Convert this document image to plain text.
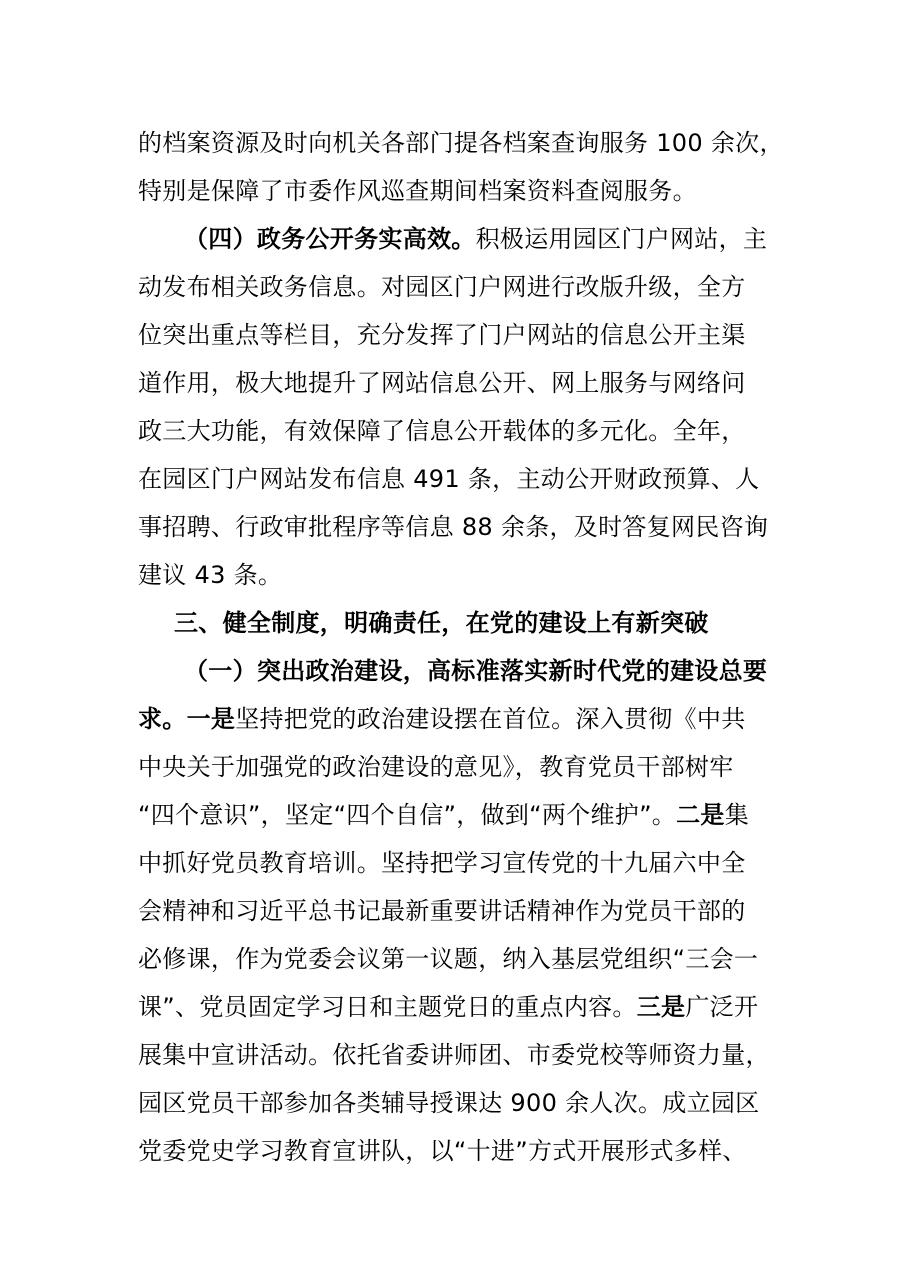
的档案资源及时向机关各部门提各档案查询服务 100 余次，
特别是保障了市委作风巡查期间档案资料查阅服务。
（四）政务公开务实高效。积极运用园区门户网站，主
动发布相关政务信息。对园区门户网进行改版升级，全方
位突出重点等栏目，充分发挥了门户网站的信息公开主渠
道作用，极大地提升了网站信息公开、网上服务与网络问
政三大功能，有效保障了信息公开载体的多元化。全年，
在园区门户网站发布信息 491 条，主动公开财政预算、人
事招聘、行政审批程序等信息 88 余条，及时答复网民咨询
建议 43 条。
三、健全制度，明确责任，在党的建设上有新突破
（一）突出政治建设，高标准落实新时代党的建设总要
求。一是坚持把党的政治建设摆在首位。深入贯彻《中共
中央关于加强党的政治建设的意见》，教育党员干部树牢
“四个意识”，坚定“四个自信”，做到“两个维护”。二是集
中抓好党员教育培训。坚持把学习宣传党的十九届六中全
会精神和习近平总书记最新重要讲话精神作为党员干部的
必修课，作为党委会议第一议题，纳入基层党组织“三会一
课”、党员固定学习日和主题党日的重点内容。三是广泛开
展集中宣讲活动。依托省委讲师团、市委党校等师资力量，
园区党员干部参加各类辅导授课达 900 余人次。成立园区
党委党史学习教育宣讲队，以“十进”方式开展形式多样、
